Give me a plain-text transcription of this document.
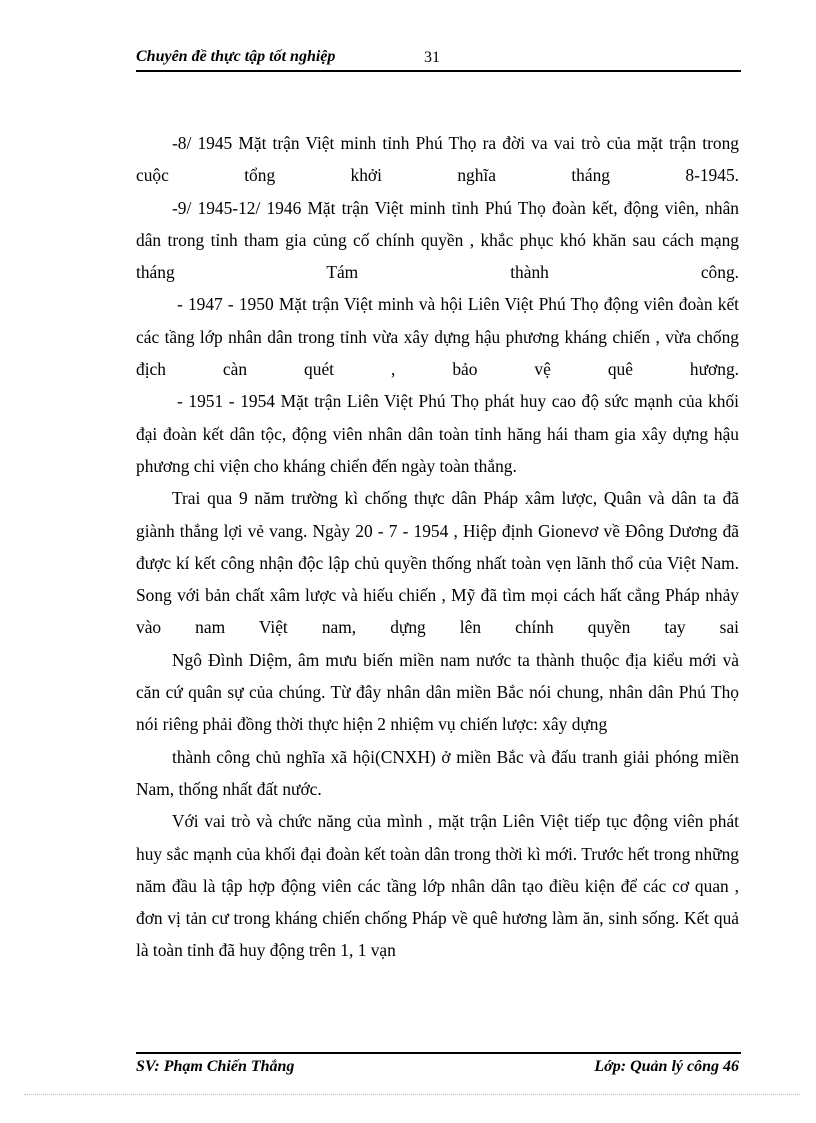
Chuyên đề thực tập tốt nghiệp	31

-8/ 1945 Mặt trận Việt minh tỉnh Phú Thọ ra đời va vai trò của mặt trận trong cuộc tổng khởi nghĩa tháng 8-1945.

-9/ 1945-12/ 1946 Mặt trận Việt minh tỉnh Phú Thọ đoàn kết, động viên, nhân dân trong tỉnh tham gia củng cố chính quyền , khắc phục khó khăn sau cách mạng tháng Tám thành công.

- 1947 - 1950 Mặt trận Việt minh và hội Liên Việt Phú Thọ động viên đoàn kết các tầng lớp nhân dân trong tỉnh vừa xây dựng hậu phương kháng chiến , vừa chống địch càn quét , bảo vệ quê hương.

- 1951 - 1954 Mặt trận Liên Việt Phú Thọ phát huy cao độ sức mạnh của khối đại đoàn kết dân tộc, động viên nhân dân toàn tỉnh hăng hái tham gia xây dựng hậu phương chi viện cho kháng chiến đến ngày toàn thắng.

Trai qua 9 năm trường kì chống thực dân Pháp xâm lược, Quân và dân ta đã giành thắng lợi vẻ vang. Ngày 20 - 7 - 1954 , Hiệp định Gionevơ về Đông Dương đã được kí kết công nhận độc lập chủ quyền thống nhất toàn vẹn lãnh thổ của Việt Nam. Song với bản chất xâm lược và hiếu chiến , Mỹ đã tìm mọi cách hất cẳng Pháp nhảy vào nam Việt nam, dựng lên chính quyền tay sai

Ngô Đình Diệm, âm mưu biến miền nam nước ta thành thuộc địa kiểu mới và căn cứ quân sự của chúng. Từ đây nhân dân miền Bắc nói chung, nhân dân Phú Thọ nói riêng phải đồng thời thực hiện 2 nhiệm vụ chiến lược: xây dựng

thành công chủ nghĩa xã hội(CNXH) ở miền Bắc và đấu tranh giải phóng miền Nam, thống nhất đất nước.

Với vai trò và chức năng của mình , mặt trận Liên Việt tiếp tục động viên phát huy sắc mạnh của khối đại đoàn kết toàn dân trong thời kì mới. Trước hết trong những năm đầu là tập hợp động viên các tầng lớp nhân dân tạo điều kiện để các cơ quan , đơn vị tản cư trong kháng chiến chống Pháp về quê hương làm ăn, sinh sống. Kết quả là toàn tỉnh đã huy động trên 1, 1 vạn

SV: Phạm Chiến Thắng	Lớp: Quản lý công 46
